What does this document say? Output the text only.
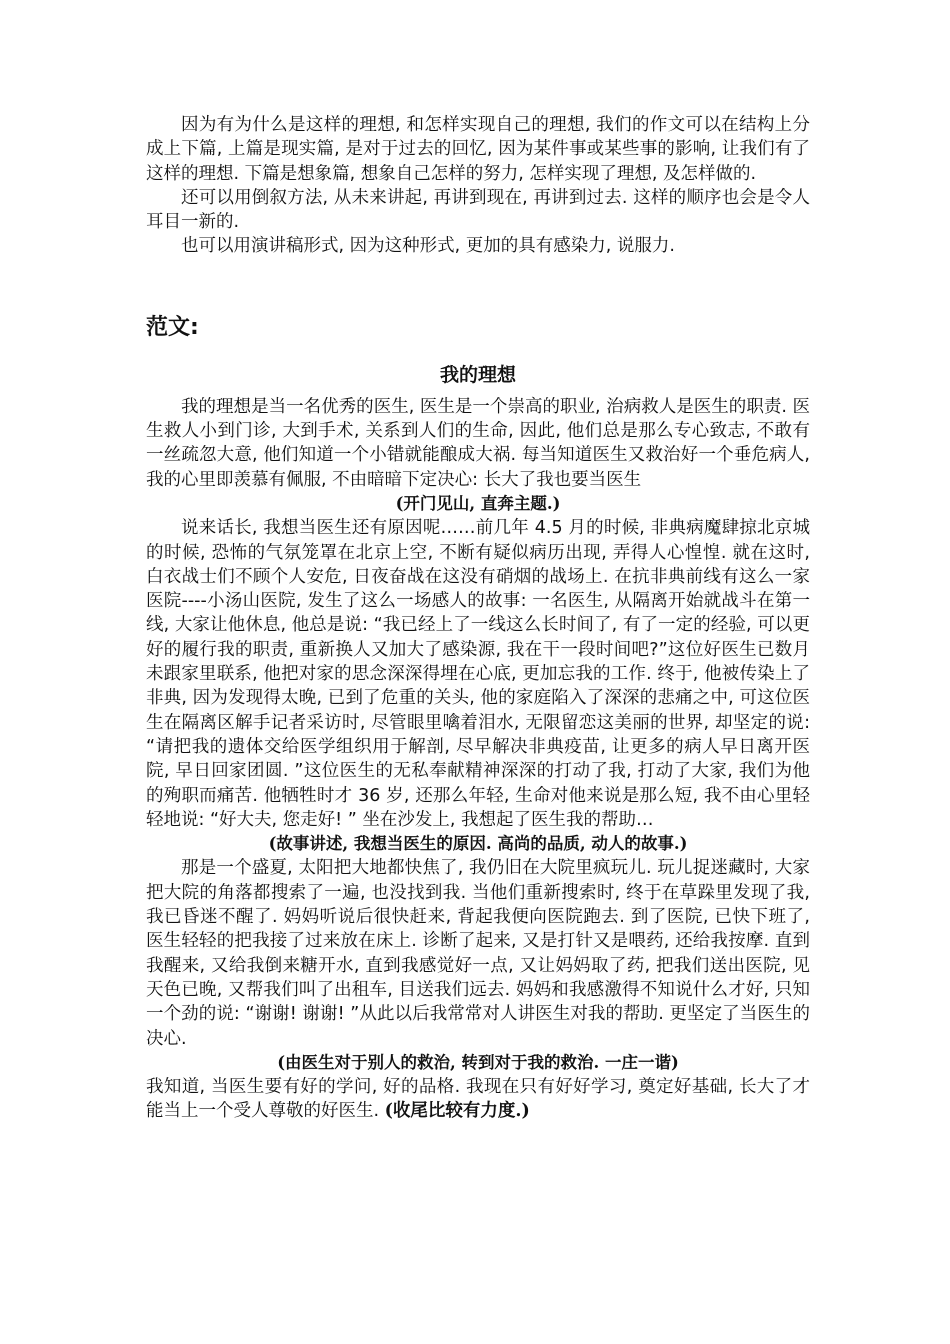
因为有为什么是这样的理想, 和怎样实现自己的理想, 我们的作文可以在结构上分成上下篇, 上篇是现实篇, 是对于过去的回忆, 因为某件事或某些事的影响, 让我们有了这样的理想. 下篇是想象篇, 想象自己怎样的努力, 怎样实现了理想, 及怎样做的.

还可以用倒叙方法, 从未来讲起, 再讲到现在, 再讲到过去. 这样的顺序也会是令人耳目一新的.

也可以用演讲稿形式, 因为这种形式, 更加的具有感染力, 说服力.

范文:
我的理想

我的理想是当一名优秀的医生, 医生是一个崇高的职业, 治病救人是医生的职责. 医生救人小到门诊, 大到手术, 关系到人们的生命, 因此, 他们总是那么专心致志, 不敢有一丝疏忽大意, 他们知道一个小错就能酿成大祸. 每当知道医生又救治好一个垂危病人, 我的心里即羡慕有佩服, 不由暗暗下定决心: 长大了我也要当医生

(开门见山, 直奔主题.)

说来话长, 我想当医生还有原因呢……前几年 4.5 月的时候, 非典病魔肆掠北京城的时候, 恐怖的气氛笼罩在北京上空, 不断有疑似病历出现, 弄得人心惶惶. 就在这时, 白衣战士们不顾个人安危, 日夜奋战在这没有硝烟的战场上. 在抗非典前线有这么一家医院----小汤山医院, 发生了这么一场感人的故事: 一名医生, 从隔离开始就战斗在第一线, 大家让他休息, 他总是说: “我已经上了一线这么长时间了, 有了一定的经验, 可以更好的履行我的职责, 重新换人又加大了感染源, 我在干一段时间吧?”这位好医生已数月未跟家里联系, 他把对家的思念深深得埋在心底, 更加忘我的工作. 终于, 他被传染上了非典, 因为发现得太晚, 已到了危重的关头, 他的家庭陷入了深深的悲痛之中, 可这位医生在隔离区解手记者采访时, 尽管眼里噙着泪水, 无限留恋这美丽的世界, 却坚定的说: “请把我的遗体交给医学组织用于解剖, 尽早解决非典疫苗, 让更多的病人早日离开医院, 早日回家团圆. ”这位医生的无私奉献精神深深的打动了我, 打动了大家, 我们为他的殉职而痛苦. 他牺牲时才 36 岁, 还那么年轻, 生命对他来说是那么短, 我不由心里轻轻地说: “好大夫, 您走好! ” 坐在沙发上, 我想起了医生我的帮助…

(故事讲述, 我想当医生的原因. 高尚的品质, 动人的故事.)

那是一个盛夏, 太阳把大地都快焦了, 我仍旧在大院里疯玩儿. 玩儿捉迷藏时, 大家把大院的角落都搜索了一遍, 也没找到我. 当他们重新搜索时, 终于在草跺里发现了我, 我已昏迷不醒了. 妈妈听说后很快赶来, 背起我便向医院跑去. 到了医院, 已快下班了, 医生轻轻的把我接了过来放在床上. 诊断了起来, 又是打针又是喂药, 还给我按摩. 直到我醒来, 又给我倒来糖开水, 直到我感觉好一点, 又让妈妈取了药, 把我们送出医院, 见天色已晚, 又帮我们叫了出租车, 目送我们远去. 妈妈和我感激得不知说什么才好, 只知一个劲的说: “谢谢! 谢谢! ”从此以后我常常对人讲医生对我的帮助. 更坚定了当医生的决心.

(由医生对于别人的救治, 转到对于我的救治. 一庄一谐)

我知道, 当医生要有好的学问, 好的品格. 我现在只有好好学习, 奠定好基础, 长大了才能当上一个受人尊敬的好医生. (收尾比较有力度.)
